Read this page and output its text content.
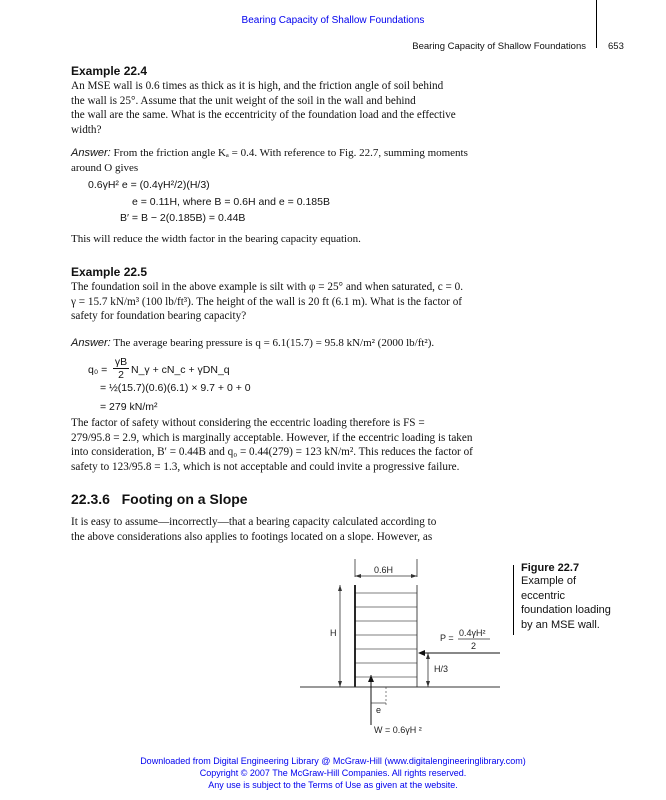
Bearing Capacity of Shallow Foundations
Bearing Capacity of Shallow Foundations 653
Example 22.4
An MSE wall is 0.6 times as thick as it is high, and the friction angle of soil behind
the wall is 25°. Assume that the unit weight of the soil in the wall and behind
the wall are the same. What is the eccentricity of the foundation load and the effective
width?
Answer: From the friction angle Kₐ = 0.4. With reference to Fig. 22.7, summing moments
around O gives
0.6γH² e = (0.4γH²/2)(H/3)
e = 0.11H, where B = 0.6H and e = 0.185B
B′ = B − 2(0.185B) = 0.44B
This will reduce the width factor in the bearing capacity equation.
Example 22.5
The foundation soil in the above example is silt with φ = 25° and when saturated, c = 0.
γ = 15.7 kN/m³ (100 lb/ft³). The height of the wall is 20 ft (6.1 m). What is the factor of
safety for foundation bearing capacity?
Answer: The average bearing pressure is q = 6.1(15.7) = 95.8 kN/m² (2000 lb/ft²).
$q_0 = \frac{\gamma B}{2}$ N_γ + cN_c + γDN_q
= ½(15.7)(0.6)(6.1) × 9.7 + 0 + 0
= 279 kN/m²
The factor of safety without considering the eccentric loading therefore is FS =
279/95.8 = 2.9, which is marginally acceptable. However, if the eccentric loading is taken
into consideration, B′ = 0.44B and q₀ = 0.44(279) = 123 kN/m². This reduces the factor of
safety to 123/95.8 = 1.3, which is not acceptable and could invite a progressive failure.
22.3.6 Footing on a Slope
It is easy to assume—incorrectly—that a bearing capacity calculated according to
the above considerations also applies to footings located on a slope. However, as
Figure 22.7
Example of
eccentric
foundation loading
by an MSE wall.
0.6H
H	P = 0.4γH²
2
H/3
e
W = 0.6γH ²
Downloaded from Digital Engineering Library @ McGraw-Hill (www.digitalengineeringlibrary.com)
Copyright © 2007 The McGraw-Hill Companies. All rights reserved.
Any use is subject to the Terms of Use as given at the website.
